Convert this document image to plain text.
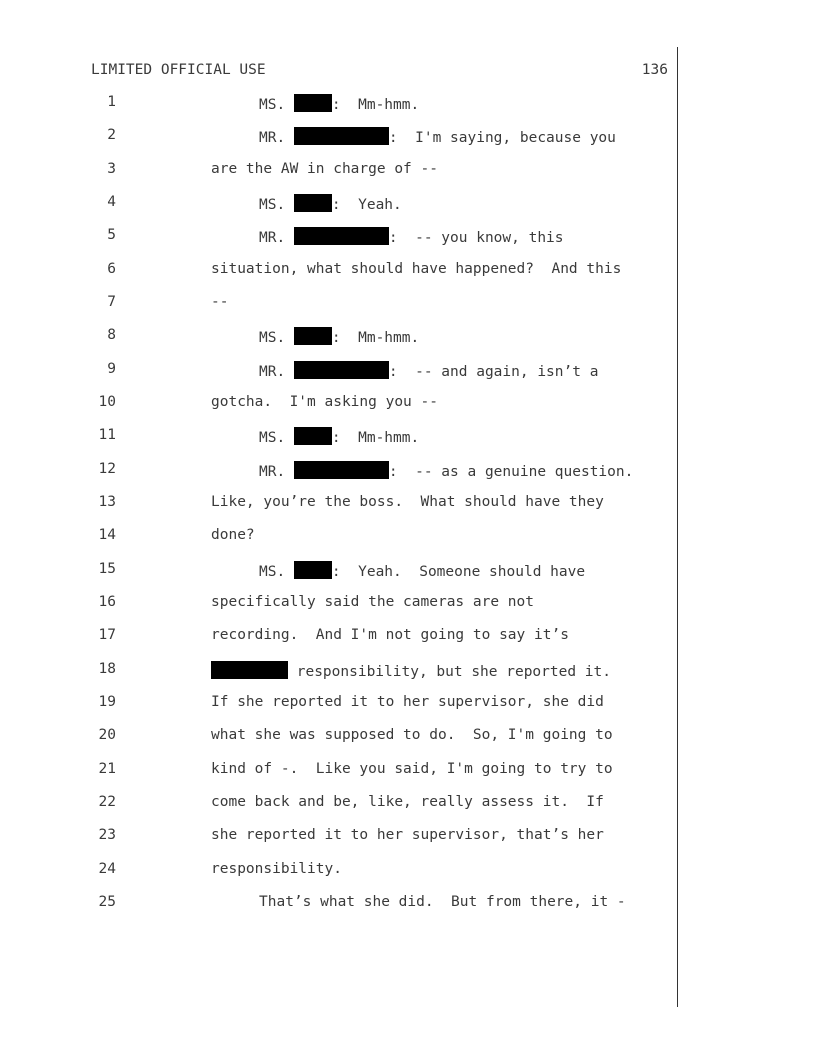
LIMITED OFFICIAL USE	136
1	MS.	:  Mm-hmm.
2	MR.	:  I'm saying, because you
3	are the AW in charge of --
4	MS.	:  Yeah.
5	MR.	:  -- you know, this
6	situation, what should have happened?  And this
7	--
8	MS.	:  Mm-hmm.
9	MR.	:  -- and again, isn’t a
10	gotcha.  I'm asking you --
11	MS.	:  Mm-hmm.
12	MR.	:  -- as a genuine question.
13	Like, you’re the boss.  What should have they
14	done?
15	MS.	:  Yeah.  Someone should have
16	specifically said the cameras are not
17	recording.  And I'm not going to say it’s
18	responsibility, but she reported it.
19	If she reported it to her supervisor, she did
20	what she was supposed to do.  So, I'm going to
21	kind of -.  Like you said, I'm going to try to
22	come back and be, like, really assess it.  If
23	she reported it to her supervisor, that’s her
24	responsibility.
25	That’s what she did.  But from there, it -
